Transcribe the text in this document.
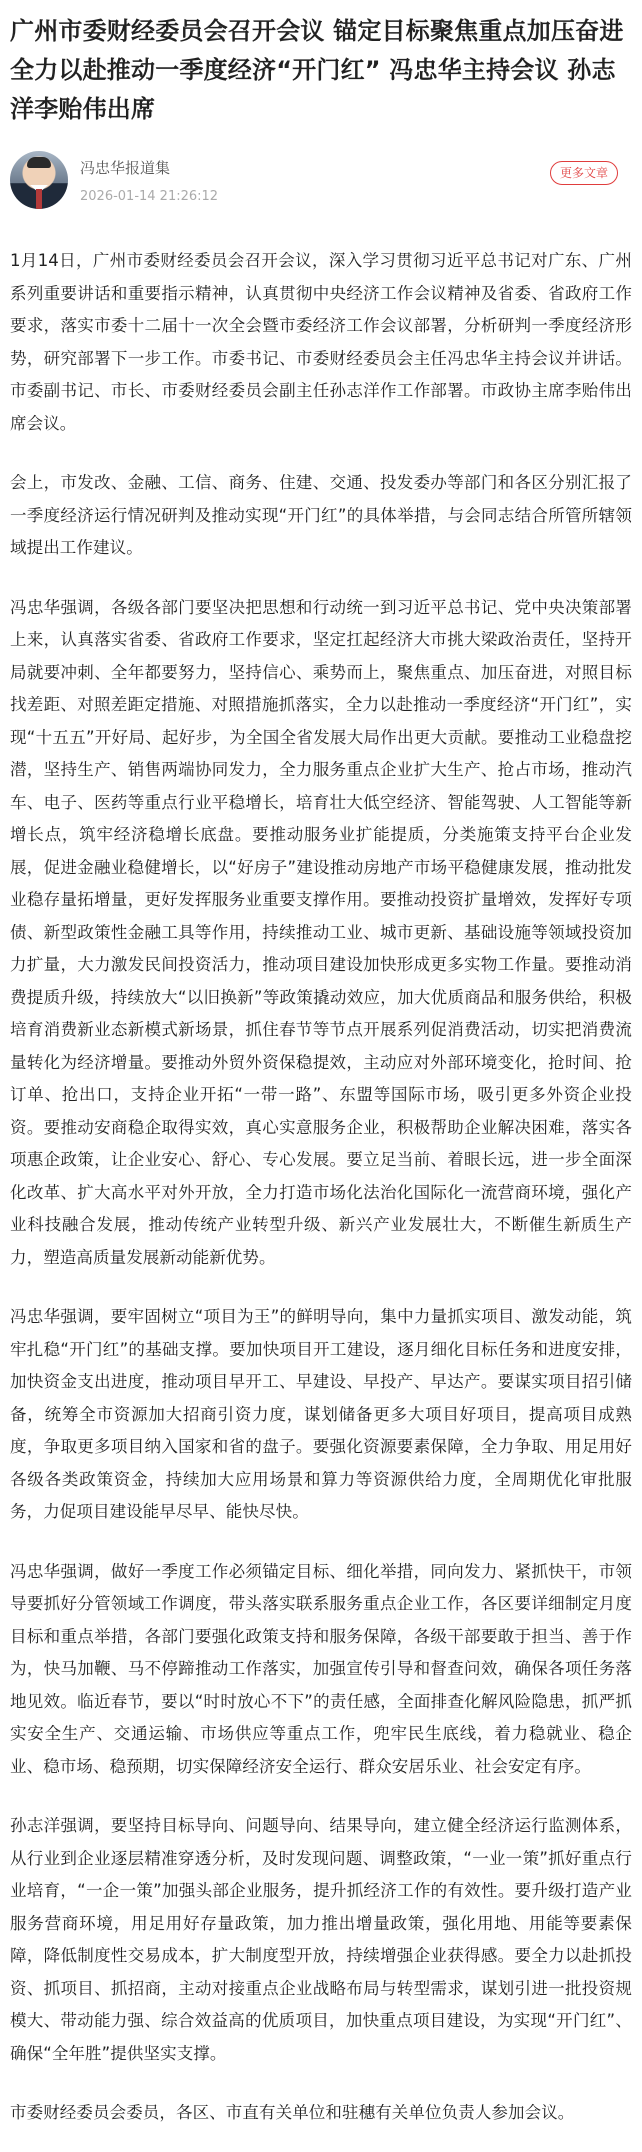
广州市委财经委员会召开会议 锚定目标聚焦重点加压奋进 全力以赴推动一季度经济“开门红” 冯忠华主持会议 孙志洋李贻伟出席
冯忠华报道集
2026-01-14 21:26:12
更多文章

1月14日，广州市委财经委员会召开会议，深入学习贯彻习近平总书记对广东、广州系列重要讲话和重要指示精神，认真贯彻中央经济工作会议精神及省委、省政府工作要求，落实市委十二届十一次全会暨市委经济工作会议部署，分析研判一季度经济形势，研究部署下一步工作。市委书记、市委财经委员会主任冯忠华主持会议并讲话。市委副书记、市长、市委财经委员会副主任孙志洋作工作部署。市政协主席李贻伟出席会议。

会上，市发改、金融、工信、商务、住建、交通、投发委办等部门和各区分别汇报了一季度经济运行情况研判及推动实现“开门红”的具体举措，与会同志结合所管所辖领域提出工作建议。

冯忠华强调，各级各部门要坚决把思想和行动统一到习近平总书记、党中央决策部署上来，认真落实省委、省政府工作要求，坚定扛起经济大市挑大梁政治责任，坚持开局就要冲刺、全年都要努力，坚持信心、乘势而上，聚焦重点、加压奋进，对照目标找差距、对照差距定措施、对照措施抓落实，全力以赴推动一季度经济“开门红”，实现“十五五”开好局、起好步，为全国全省发展大局作出更大贡献。要推动工业稳盘挖潜，坚持生产、销售两端协同发力，全力服务重点企业扩大生产、抢占市场，推动汽车、电子、医药等重点行业平稳增长，培育壮大低空经济、智能驾驶、人工智能等新增长点，筑牢经济稳增长底盘。要推动服务业扩能提质，分类施策支持平台企业发展，促进金融业稳健增长，以“好房子”建设推动房地产市场平稳健康发展，推动批发业稳存量拓增量，更好发挥服务业重要支撑作用。要推动投资扩量增效，发挥好专项债、新型政策性金融工具等作用，持续推动工业、城市更新、基础设施等领域投资加力扩量，大力激发民间投资活力，推动项目建设加快形成更多实物工作量。要推动消费提质升级，持续放大“以旧换新”等政策撬动效应，加大优质商品和服务供给，积极培育消费新业态新模式新场景，抓住春节等节点开展系列促消费活动，切实把消费流量转化为经济增量。要推动外贸外资保稳提效，主动应对外部环境变化，抢时间、抢订单、抢出口，支持企业开拓“一带一路”、东盟等国际市场，吸引更多外资企业投资。要推动安商稳企取得实效，真心实意服务企业，积极帮助企业解决困难，落实各项惠企政策，让企业安心、舒心、专心发展。要立足当前、着眼长远，进一步全面深化改革、扩大高水平对外开放，全力打造市场化法治化国际化一流营商环境，强化产业科技融合发展，推动传统产业转型升级、新兴产业发展壮大，不断催生新质生产力，塑造高质量发展新动能新优势。

冯忠华强调，要牢固树立“项目为王”的鲜明导向，集中力量抓实项目、激发动能，筑牢扎稳“开门红”的基础支撑。要加快项目开工建设，逐月细化目标任务和进度安排，加快资金支出进度，推动项目早开工、早建设、早投产、早达产。要谋实项目招引储备，统筹全市资源加大招商引资力度，谋划储备更多大项目好项目，提高项目成熟度，争取更多项目纳入国家和省的盘子。要强化资源要素保障，全力争取、用足用好各级各类政策资金，持续加大应用场景和算力等资源供给力度，全周期优化审批服务，力促项目建设能早尽早、能快尽快。

冯忠华强调，做好一季度工作必须锚定目标、细化举措，同向发力、紧抓快干，市领导要抓好分管领域工作调度，带头落实联系服务重点企业工作，各区要详细制定月度目标和重点举措，各部门要强化政策支持和服务保障，各级干部要敢于担当、善于作为，快马加鞭、马不停蹄推动工作落实，加强宣传引导和督查问效，确保各项任务落地见效。临近春节，要以“时时放心不下”的责任感，全面排查化解风险隐患，抓严抓实安全生产、交通运输、市场供应等重点工作，兜牢民生底线，着力稳就业、稳企业、稳市场、稳预期，切实保障经济安全运行、群众安居乐业、社会安定有序。

孙志洋强调，要坚持目标导向、问题导向、结果导向，建立健全经济运行监测体系，从行业到企业逐层精准穿透分析，及时发现问题、调整政策，“一业一策”抓好重点行业培育，“一企一策”加强头部企业服务，提升抓经济工作的有效性。要升级打造产业服务营商环境，用足用好存量政策，加力推出增量政策，强化用地、用能等要素保障，降低制度性交易成本，扩大制度型开放，持续增强企业获得感。要全力以赴抓投资、抓项目、抓招商，主动对接重点企业战略布局与转型需求，谋划引进一批投资规模大、带动能力强、综合效益高的优质项目，加快重点项目建设，为实现“开门红”、确保“全年胜”提供坚实支撑。

市委财经委员会委员，各区、市直有关单位和驻穗有关单位负责人参加会议。
